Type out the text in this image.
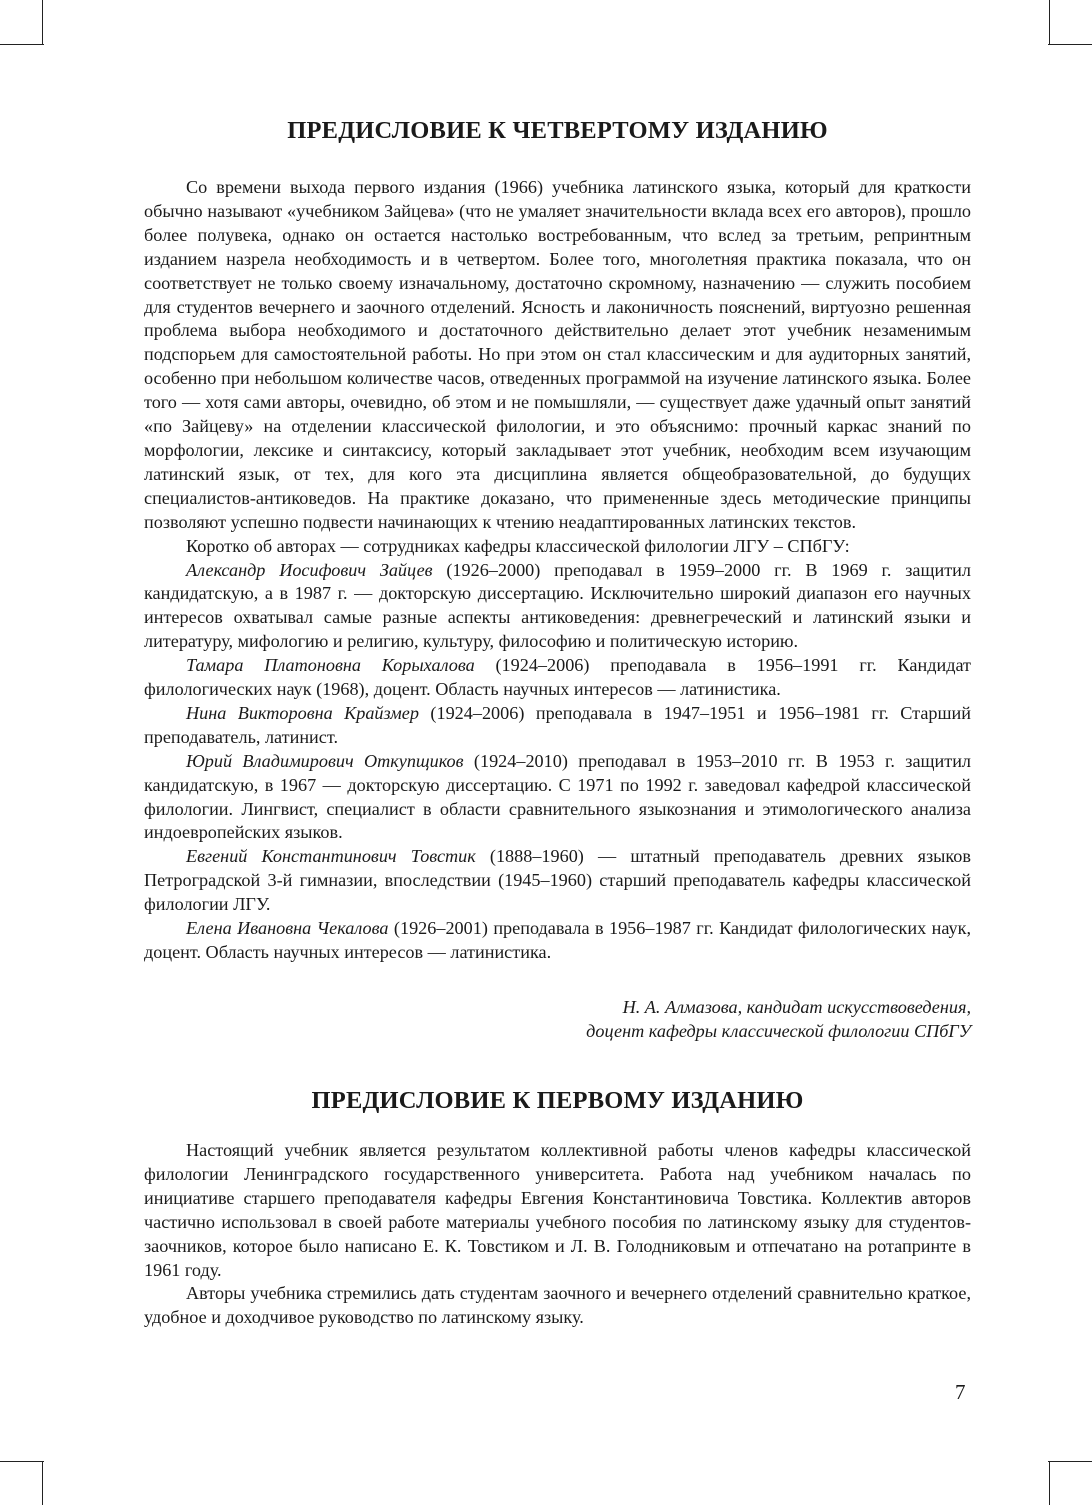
ПРЕДИСЛОВИЕ К ЧЕТВЕРТОМУ ИЗДАНИЮ

Со времени выхода первого издания (1966) учебника латинского языка, который для краткости обычно называют «учебником Зайцева» (что не умаляет значительности вклада всех его авторов), прошло более полувека, однако он остается настолько востребованным, что вслед за третьим, репринтным изданием назрела необходимость и в четвертом. Более того, многолетняя практика показала, что он соответствует не только своему изначальному, достаточно скромному, назначению — служить пособием для студентов вечернего и заочного отделений. Ясность и лаконичность пояснений, виртуозно решенная проблема выбора необходимого и достаточного действительно делает этот учебник незаменимым подспорьем для самостоятельной работы. Но при этом он стал классическим и для аудиторных занятий, особенно при небольшом количестве часов, отведенных программой на изучение латинского языка. Более того — хотя сами авторы, очевидно, об этом и не помышляли, — существует даже удачный опыт занятий «по Зайцеву» на отделении классической филологии, и это объяснимо: прочный каркас знаний по морфологии, лексике и синтаксису, который закладывает этот учебник, необходим всем изучающим латинский язык, от тех, для кого эта дисциплина является общеобразовательной, до будущих специалистов-антиковедов. На практике доказано, что примененные здесь методические принципы позволяют успешно подвести начинающих к чтению неадаптированных латинских текстов.

Коротко об авторах — сотрудниках кафедры классической филологии ЛГУ – СПбГУ:

Александр Иосифович Зайцев (1926–2000) преподавал в 1959–2000 гг. В 1969 г. защитил кандидатскую, а в 1987 г. — докторскую диссертацию. Исключительно широкий диапазон его научных интересов охватывал самые разные аспекты антиковедения: древнегреческий и латинский языки и литературу, мифологию и религию, культуру, философию и политическую историю.

Тамара Платоновна Корыхалова (1924–2006) преподавала в 1956–1991 гг. Кандидат филологических наук (1968), доцент. Область научных интересов — латинистика.

Нина Викторовна Крайзмер (1924–2006) преподавала в 1947–1951 и 1956–1981 гг. Старший преподаватель, латинист.

Юрий Владимирович Откупщиков (1924–2010) преподавал в 1953–2010 гг. В 1953 г. защитил кандидатскую, в 1967 — докторскую диссертацию. С 1971 по 1992 г. заведовал кафедрой классической филологии. Лингвист, специалист в области сравнительного языкознания и этимологического анализа индоевропейских языков.

Евгений Константинович Товстик (1888–1960) — штатный преподаватель древних языков Петроградской 3-й гимназии, впоследствии (1945–1960) старший преподаватель кафедры классической филологии ЛГУ.

Елена Ивановна Чекалова (1926–2001) преподавала в 1956–1987 гг. Кандидат филологических наук, доцент. Область научных интересов — латинистика.

Н. А. Алмазова, кандидат искусствоведения,
доцент кафедры классической филологии СПбГУ
ПРЕДИСЛОВИЕ К ПЕРВОМУ ИЗДАНИЮ

Настоящий учебник является результатом коллективной работы членов кафедры классической филологии Ленинградского государственного университета. Работа над учебником началась по инициативе старшего преподавателя кафедры Евгения Константиновича Товстика. Коллектив авторов частично использовал в своей работе материалы учебного пособия по латинскому языку для студентов-заочников, которое было написано Е. К. Товстиком и Л. В. Голодниковым и отпечатано на ротапринте в 1961 году.

Авторы учебника стремились дать студентам заочного и вечернего отделений сравнительно краткое, удобное и доходчивое руководство по латинскому языку.

7
